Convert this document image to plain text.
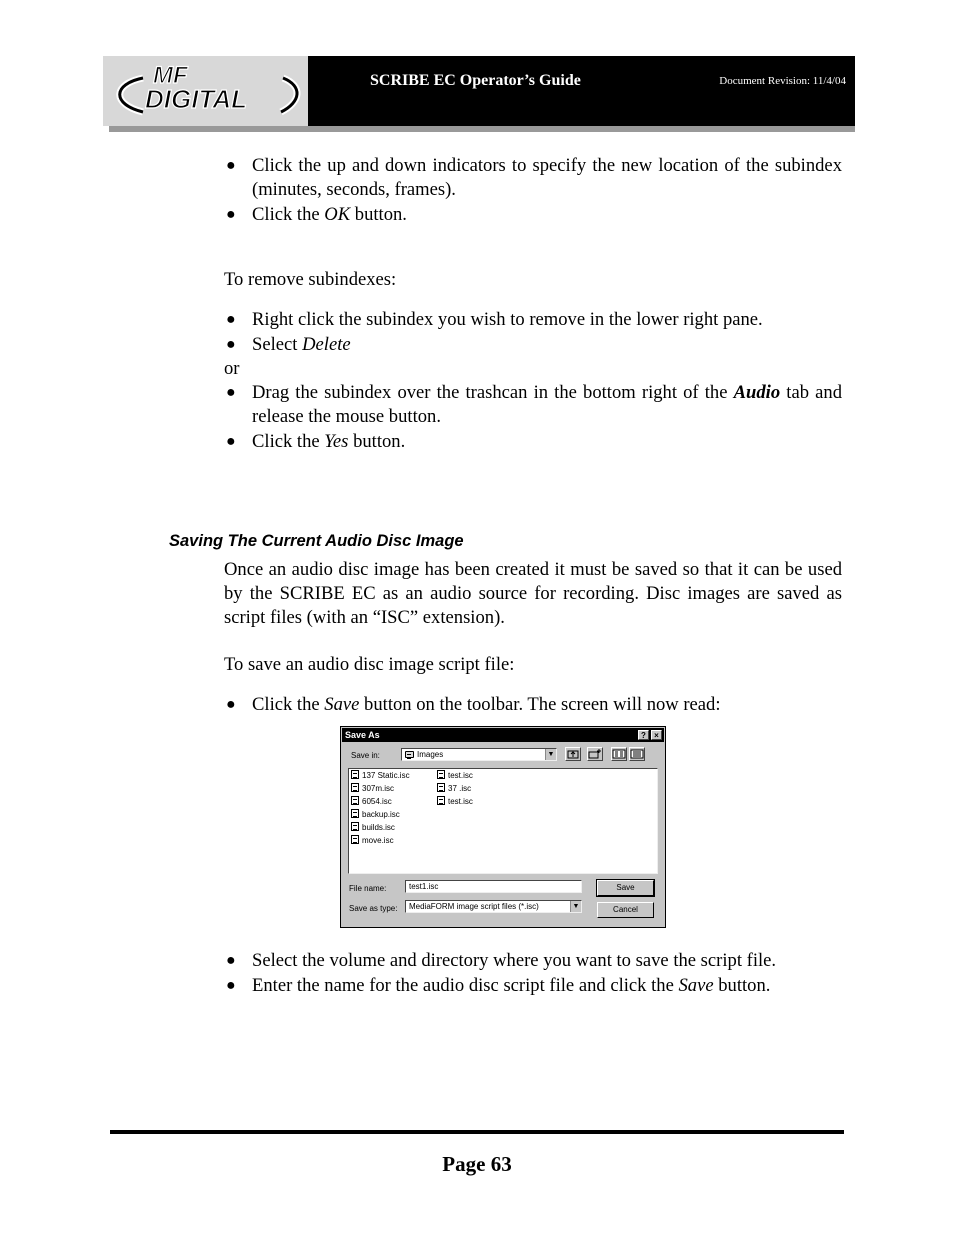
MF
DIGITAL
SCRIBE EC Operator’s Guide	Document Revision: 11/4/04
● Click the up and down indicators to specify the new location of the subindex (minutes, seconds, frames).
● Click the OK button.
To remove subindexes:
● Right click the subindex you wish to remove in the lower right pane.
● Select Delete
or
● Drag the subindex over the trashcan in the bottom right of the Audio tab and release the mouse button.
● Click the Yes button.
Saving The Current Audio Disc Image
Once an audio disc image has been created it must be saved so that it can be used by the SCRIBE EC as an audio source for recording. Disc images are saved as script files (with an “ISC” extension).
To save an audio disc image script file:
● Click the Save button on the toolbar. The screen will now read:
Save As	?	×
Save in:	Images	▼
137 Static.isc
307m.isc
6054.isc
backup.isc
builds.isc
move.isc
test.isc
37 .isc
test.isc
File name:	test1.isc
Save as type:	MediaFORM image script files (*.isc)	▼
Save
Cancel
● Select the volume and directory where you want to save the script file.
● Enter the name for the audio disc script file and click the Save button.
Page 63
